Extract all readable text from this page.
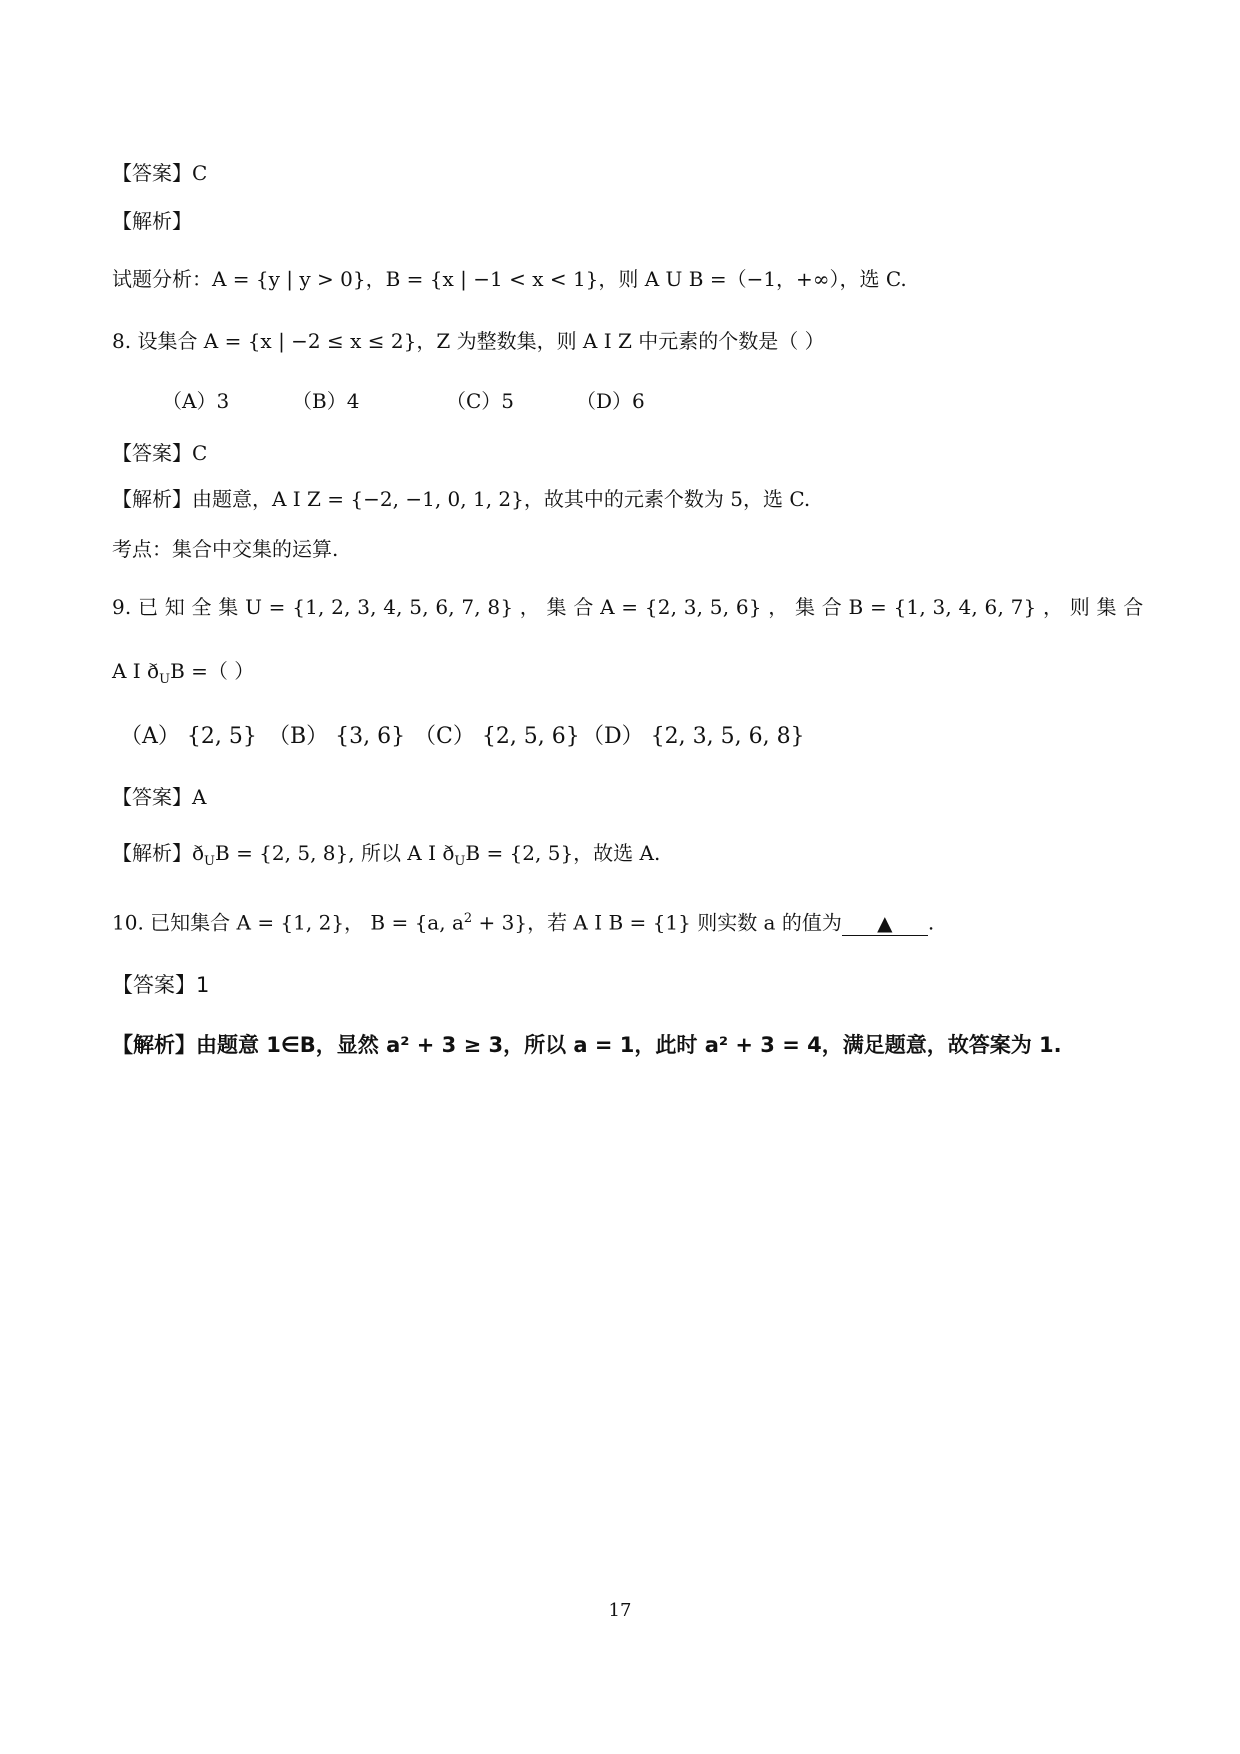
【答案】C

【解析】

试题分析：A = {y | y > 0}，B = {x | −1 < x < 1}，则 A U B =（−1，+∞），选 C.

8. 设集合 A = {x | −2 ≤ x ≤ 2}，Z 为整数集，则 A I Z 中元素的个数是（ ）

（A）3	（B）4	（C）5	（D）6

【答案】C

【解析】由题意，A I Z = {−2, −1, 0, 1, 2}，故其中的元素个数为 5，选 C.

考点：集合中交集的运算.

9. 已 知 全 集 U = {1, 2, 3, 4, 5, 6, 7, 8} ， 集 合 A = {2, 3, 5, 6} ， 集 合 B = {1, 3, 4, 6, 7} ， 则 集 合

A I $ð_UB$ =（ ）

（A） {2, 5} （B） {3, 6} （C） {2, 5, 6} （D） {2, 3, 5, 6, 8}

【答案】A

【解析】$ð_UB = \{2$, 5, 8}, 所以 A I $ð_UB = \{2$, 5}，故选 A.

10. 已知集合 A = {1, 2}， B = {a, $a^2 + 3$}，若 A I B = {1} 则实数 a 的值为 ▲ .

【答案】1

【解析】由题意 1∈B，显然 a² + 3 ≥ 3，所以 a = 1，此时 a² + 3 = 4，满足题意，故答案为 1.

17
